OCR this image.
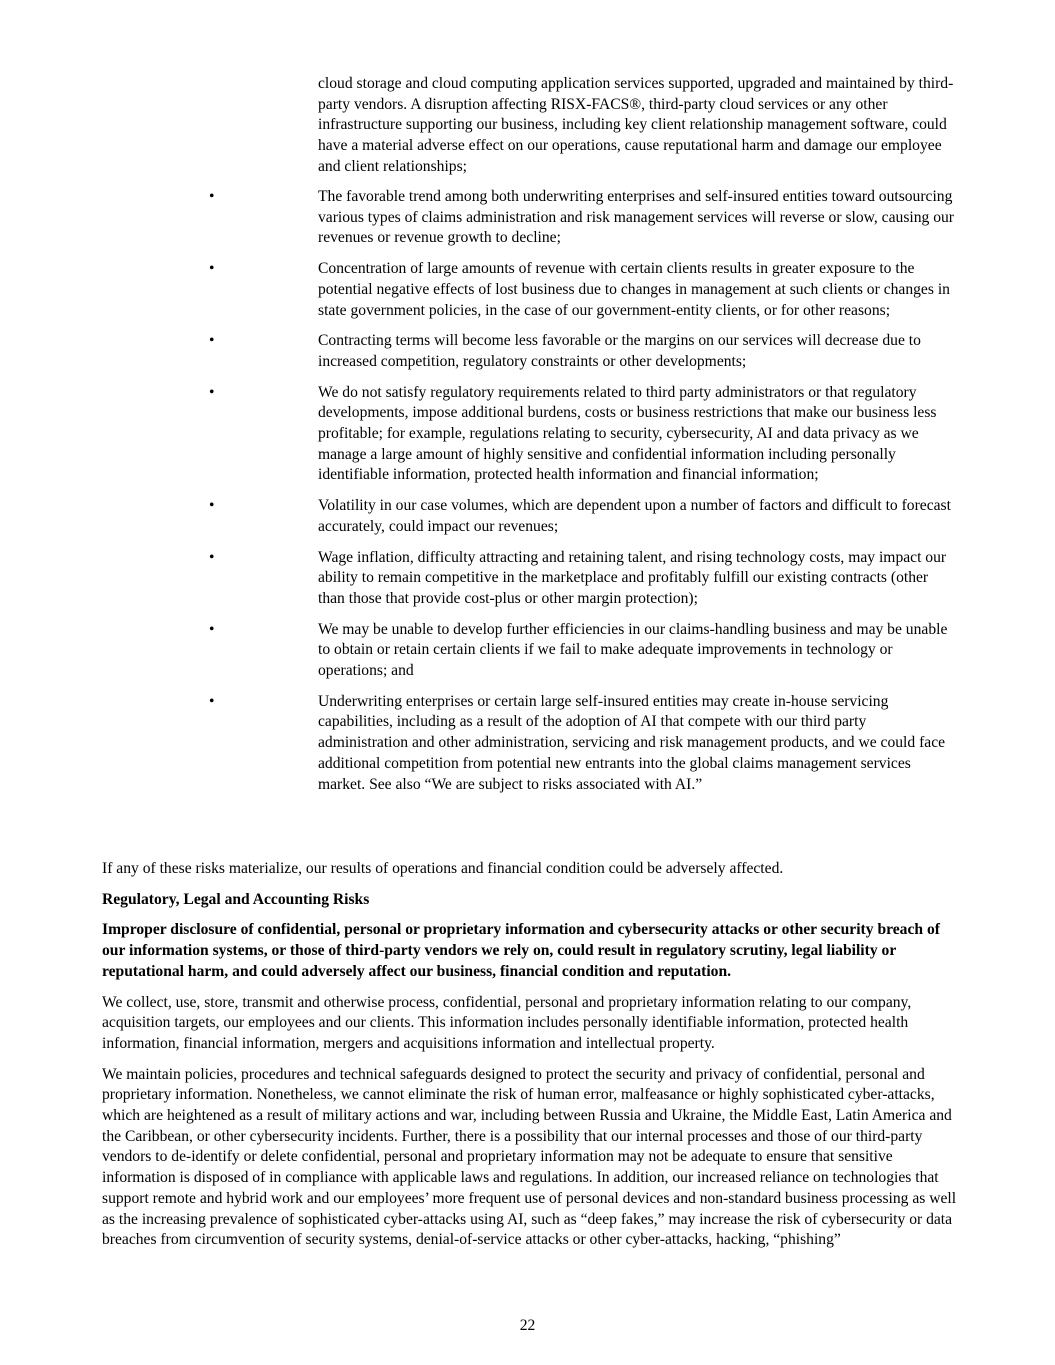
cloud storage and cloud computing application services supported, upgraded and maintained by third-party vendors. A disruption affecting RISX-FACS®, third-party cloud services or any other infrastructure supporting our business, including key client relationship management software, could have a material adverse effect on our operations, cause reputational harm and damage our employee and client relationships;

•	The favorable trend among both underwriting enterprises and self-insured entities toward outsourcing various types of claims administration and risk management services will reverse or slow, causing our revenues or revenue growth to decline;
•	Concentration of large amounts of revenue with certain clients results in greater exposure to the potential negative effects of lost business due to changes in management at such clients or changes in state government policies, in the case of our government-entity clients, or for other reasons;
•	Contracting terms will become less favorable or the margins on our services will decrease due to increased competition, regulatory constraints or other developments;
•	We do not satisfy regulatory requirements related to third party administrators or that regulatory developments, impose additional burdens, costs or business restrictions that make our business less profitable; for example, regulations relating to security, cybersecurity, AI and data privacy as we manage a large amount of highly sensitive and confidential information including personally identifiable information, protected health information and financial information;
•	Volatility in our case volumes, which are dependent upon a number of factors and difficult to forecast accurately, could impact our revenues;
•	Wage inflation, difficulty attracting and retaining talent, and rising technology costs, may impact our ability to remain competitive in the marketplace and profitably fulfill our existing contracts (other than those that provide cost-plus or other margin protection);
•	We may be unable to develop further efficiencies in our claims-handling business and may be unable to obtain or retain certain clients if we fail to make adequate improvements in technology or operations; and
•	Underwriting enterprises or certain large self-insured entities may create in-house servicing capabilities, including as a result of the adoption of AI that compete with our third party administration and other administration, servicing and risk management products, and we could face additional competition from potential new entrants into the global claims management services market. See also “We are subject to risks associated with AI.”

If any of these risks materialize, our results of operations and financial condition could be adversely affected.

Regulatory, Legal and Accounting Risks

Improper disclosure of confidential, personal or proprietary information and cybersecurity attacks or other security breach of our information systems, or those of third-party vendors we rely on, could result in regulatory scrutiny, legal liability or reputational harm, and could adversely affect our business, financial condition and reputation.

We collect, use, store, transmit and otherwise process, confidential, personal and proprietary information relating to our company, acquisition targets, our employees and our clients. This information includes personally identifiable information, protected health information, financial information, mergers and acquisitions information and intellectual property.

We maintain policies, procedures and technical safeguards designed to protect the security and privacy of confidential, personal and proprietary information. Nonetheless, we cannot eliminate the risk of human error, malfeasance or highly sophisticated cyber-attacks, which are heightened as a result of military actions and war, including between Russia and Ukraine, the Middle East, Latin America and the Caribbean, or other cybersecurity incidents. Further, there is a possibility that our internal processes and those of our third-party vendors to de-identify or delete confidential, personal and proprietary information may not be adequate to ensure that sensitive information is disposed of in compliance with applicable laws and regulations. In addition, our increased reliance on technologies that support remote and hybrid work and our employees’ more frequent use of personal devices and non-standard business processing as well as the increasing prevalence of sophisticated cyber-attacks using AI, such as “deep fakes,” may increase the risk of cybersecurity or data breaches from circumvention of security systems, denial-of-service attacks or other cyber-attacks, hacking, “phishing”

22
